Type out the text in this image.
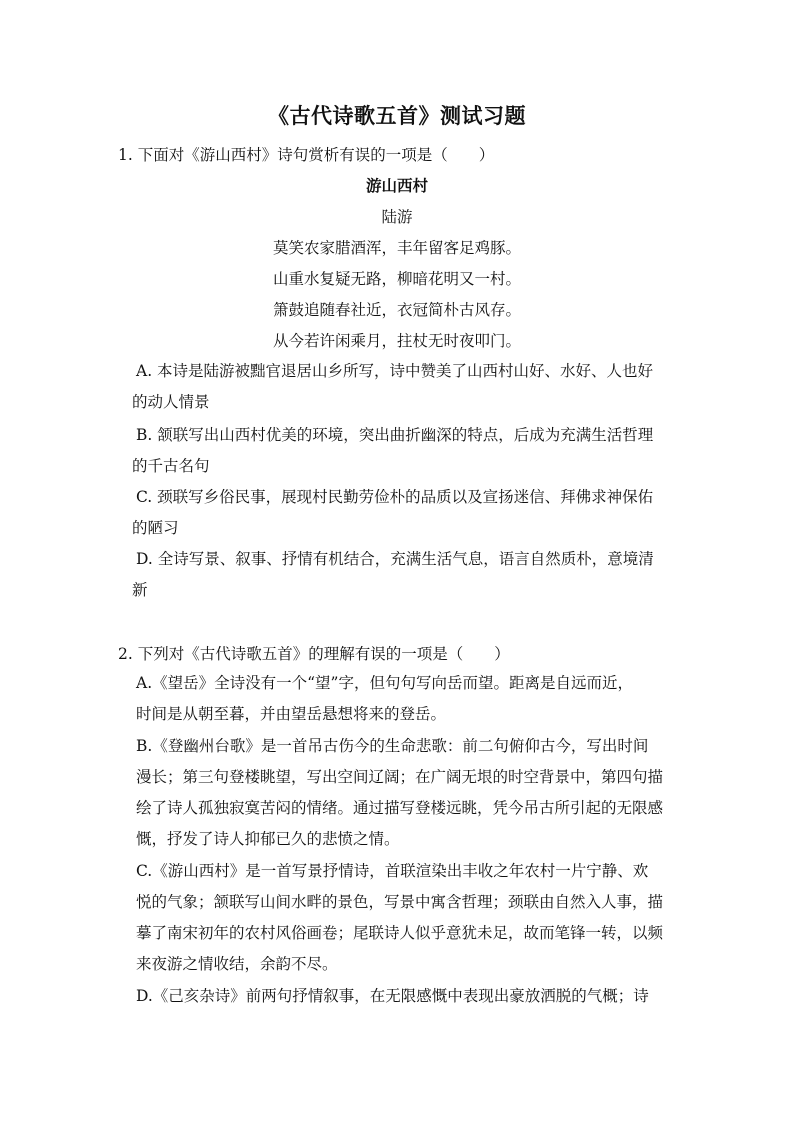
《古代诗歌五首》测试习题
1. 下面对《游山西村》诗句赏析有误的一项是（　　）
游山西村
陆游
莫笑农家腊酒浑，丰年留客足鸡豚。
山重水复疑无路，柳暗花明又一村。
箫鼓追随春社近，衣冠简朴古风存。
从今若许闲乘月，拄杖无时夜叩门。
A. 本诗是陆游被黜官退居山乡所写，诗中赞美了山西村山好、水好、人也好
的动人情景
B. 颔联写出山西村优美的环境，突出曲折幽深的特点，后成为充满生活哲理
的千古名句
C. 颈联写乡俗民事，展现村民勤劳俭朴的品质以及宣扬迷信、拜佛求神保佑
的陋习
D. 全诗写景、叙事、抒情有机结合，充满生活气息，语言自然质朴，意境清
新
2. 下列对《古代诗歌五首》的理解有误的一项是（　　）
A.《望岳》全诗没有一个“望”字，但句句写向岳而望。距离是自远而近，
时间是从朝至暮，并由望岳悬想将来的登岳。
B.《登幽州台歌》是一首吊古伤今的生命悲歌：前二句俯仰古今，写出时间
漫长；第三句登楼眺望，写出空间辽阔；在广阔无垠的时空背景中，第四句描
绘了诗人孤独寂寞苦闷的情绪。通过描写登楼远眺，凭今吊古所引起的无限感
慨，抒发了诗人抑郁已久的悲愤之情。
C.《游山西村》是一首写景抒情诗，首联渲染出丰收之年农村一片宁静、欢
悦的气象；颔联写山间水畔的景色，写景中寓含哲理；颈联由自然入人事，描
摹了南宋初年的农村风俗画卷；尾联诗人似乎意犹未足，故而笔锋一转，以频
来夜游之情收结，余韵不尽。
D.《己亥杂诗》前两句抒情叙事，在无限感慨中表现出豪放洒脱的气概；诗
